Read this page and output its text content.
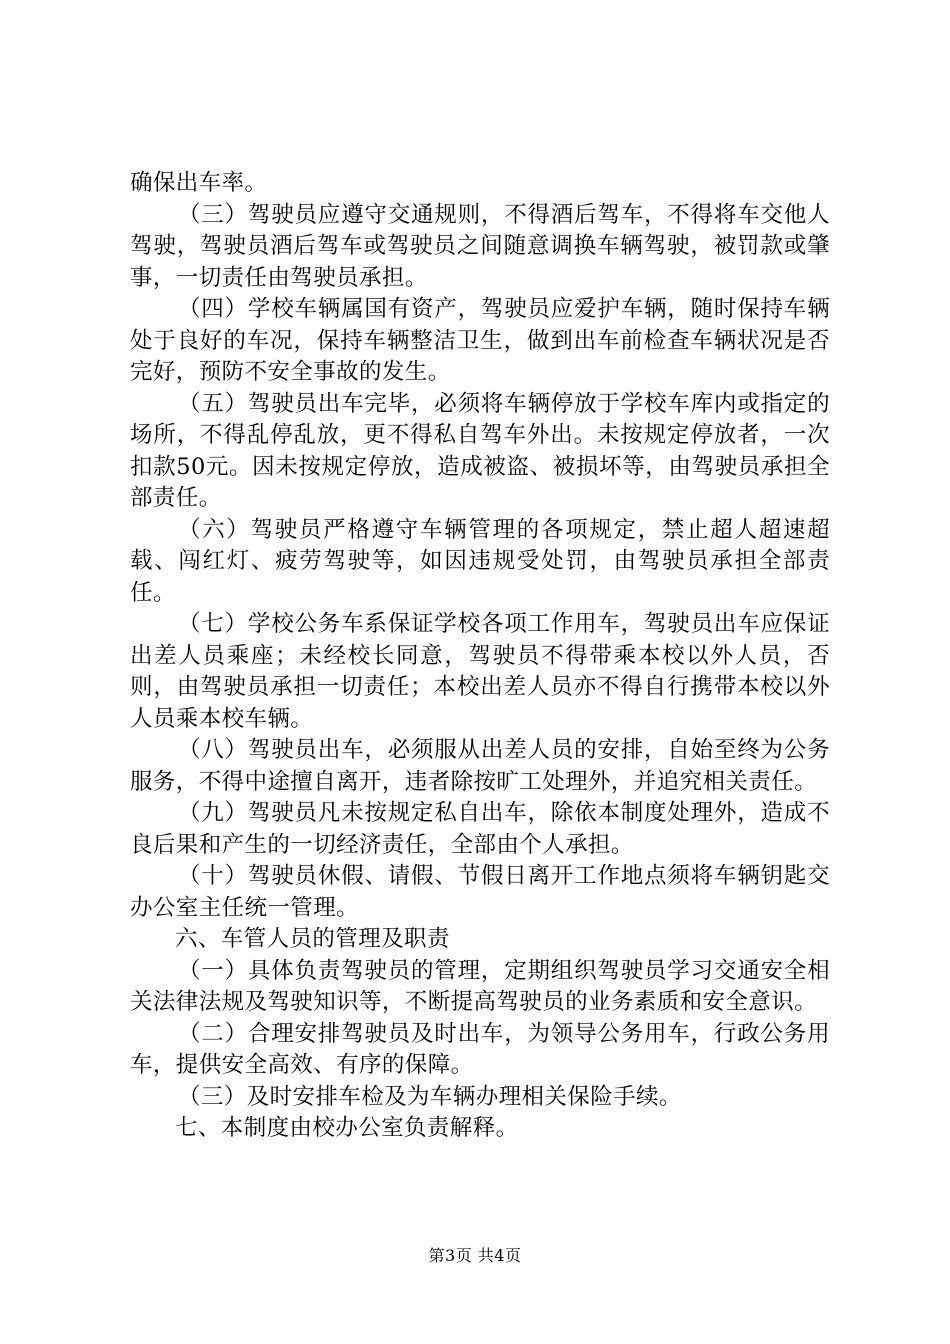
确保出车率。

（三）驾驶员应遵守交通规则，不得酒后驾车，不得将车交他人驾驶，驾驶员酒后驾车或驾驶员之间随意调换车辆驾驶，被罚款或肇事，一切责任由驾驶员承担。

（四）学校车辆属国有资产，驾驶员应爱护车辆，随时保持车辆处于良好的车况，保持车辆整洁卫生，做到出车前检查车辆状况是否完好，预防不安全事故的发生。

（五）驾驶员出车完毕，必须将车辆停放于学校车库内或指定的场所，不得乱停乱放，更不得私自驾车外出。未按规定停放者，一次扣款50元。因未按规定停放，造成被盗、被损坏等，由驾驶员承担全部责任。

（六）驾驶员严格遵守车辆管理的各项规定，禁止超人超速超载、闯红灯、疲劳驾驶等，如因违规受处罚，由驾驶员承担全部责任。

（七）学校公务车系保证学校各项工作用车，驾驶员出车应保证出差人员乘座；未经校长同意，驾驶员不得带乘本校以外人员，否则，由驾驶员承担一切责任；本校出差人员亦不得自行携带本校以外人员乘本校车辆。

（八）驾驶员出车，必须服从出差人员的安排，自始至终为公务服务，不得中途擅自离开，违者除按旷工处理外，并追究相关责任。

（九）驾驶员凡未按规定私自出车，除依本制度处理外，造成不良后果和产生的一切经济责任，全部由个人承担。

（十）驾驶员休假、请假、节假日离开工作地点须将车辆钥匙交办公室主任统一管理。

六、车管人员的管理及职责

（一）具体负责驾驶员的管理，定期组织驾驶员学习交通安全相关法律法规及驾驶知识等，不断提高驾驶员的业务素质和安全意识。

（二）合理安排驾驶员及时出车，为领导公务用车，行政公务用车，提供安全高效、有序的保障。

（三）及时安排车检及为车辆办理相关保险手续。

七、本制度由校办公室负责解释。

第3页 共4页
